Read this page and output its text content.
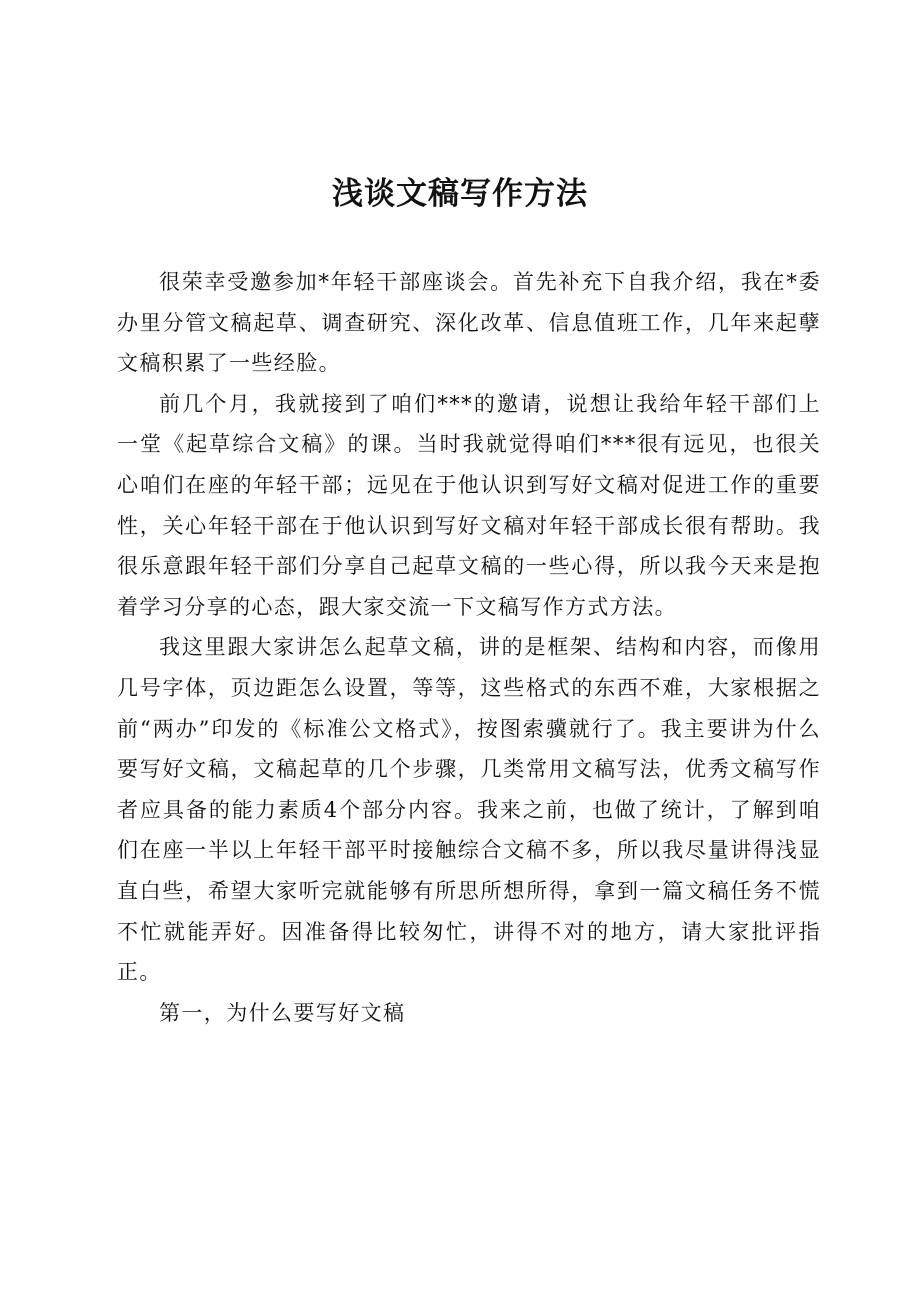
浅谈文稿写作方法

很荣幸受邀参加*年轻干部座谈会。首先补充下自我介绍，我在*委办里分管文稿起草、调查研究、深化改革、信息值班工作，几年来起孽文稿积累了一些经脸。

前几个月，我就接到了咱们***的邀请，说想让我给年轻干部们上一堂《起草综合文稿》的课。当时我就觉得咱们***很有远见，也很关心咱们在座的年轻干部；远见在于他认识到写好文稿对促进工作的重要性，关心年轻干部在于他认识到写好文稿对年轻干部成长很有帮助。我很乐意跟年轻干部们分享自己起草文稿的一些心得，所以我今天来是抱着学习分享的心态，跟大家交流一下文稿写作方式方法。

我这里跟大家讲怎么起草文稿，讲的是框架、结构和内容，而像用几号字体，页边距怎么设置，等等，这些格式的东西不难，大家根据之前“两办”印发的《标准公文格式》，按图索骥就行了。我主要讲为什么要写好文稿，文稿起草的几个步骤，几类常用文稿写法，优秀文稿写作者应具备的能力素质4个部分内容。我来之前，也做了统计，了解到咱们在座一半以上年轻干部平时接触综合文稿不多，所以我尽量讲得浅显直白些，希望大家听完就能够有所思所想所得，拿到一篇文稿任务不慌不忙就能弄好。因准备得比较匆忙，讲得不对的地方，请大家批评指正。

第一，为什么要写好文稿
